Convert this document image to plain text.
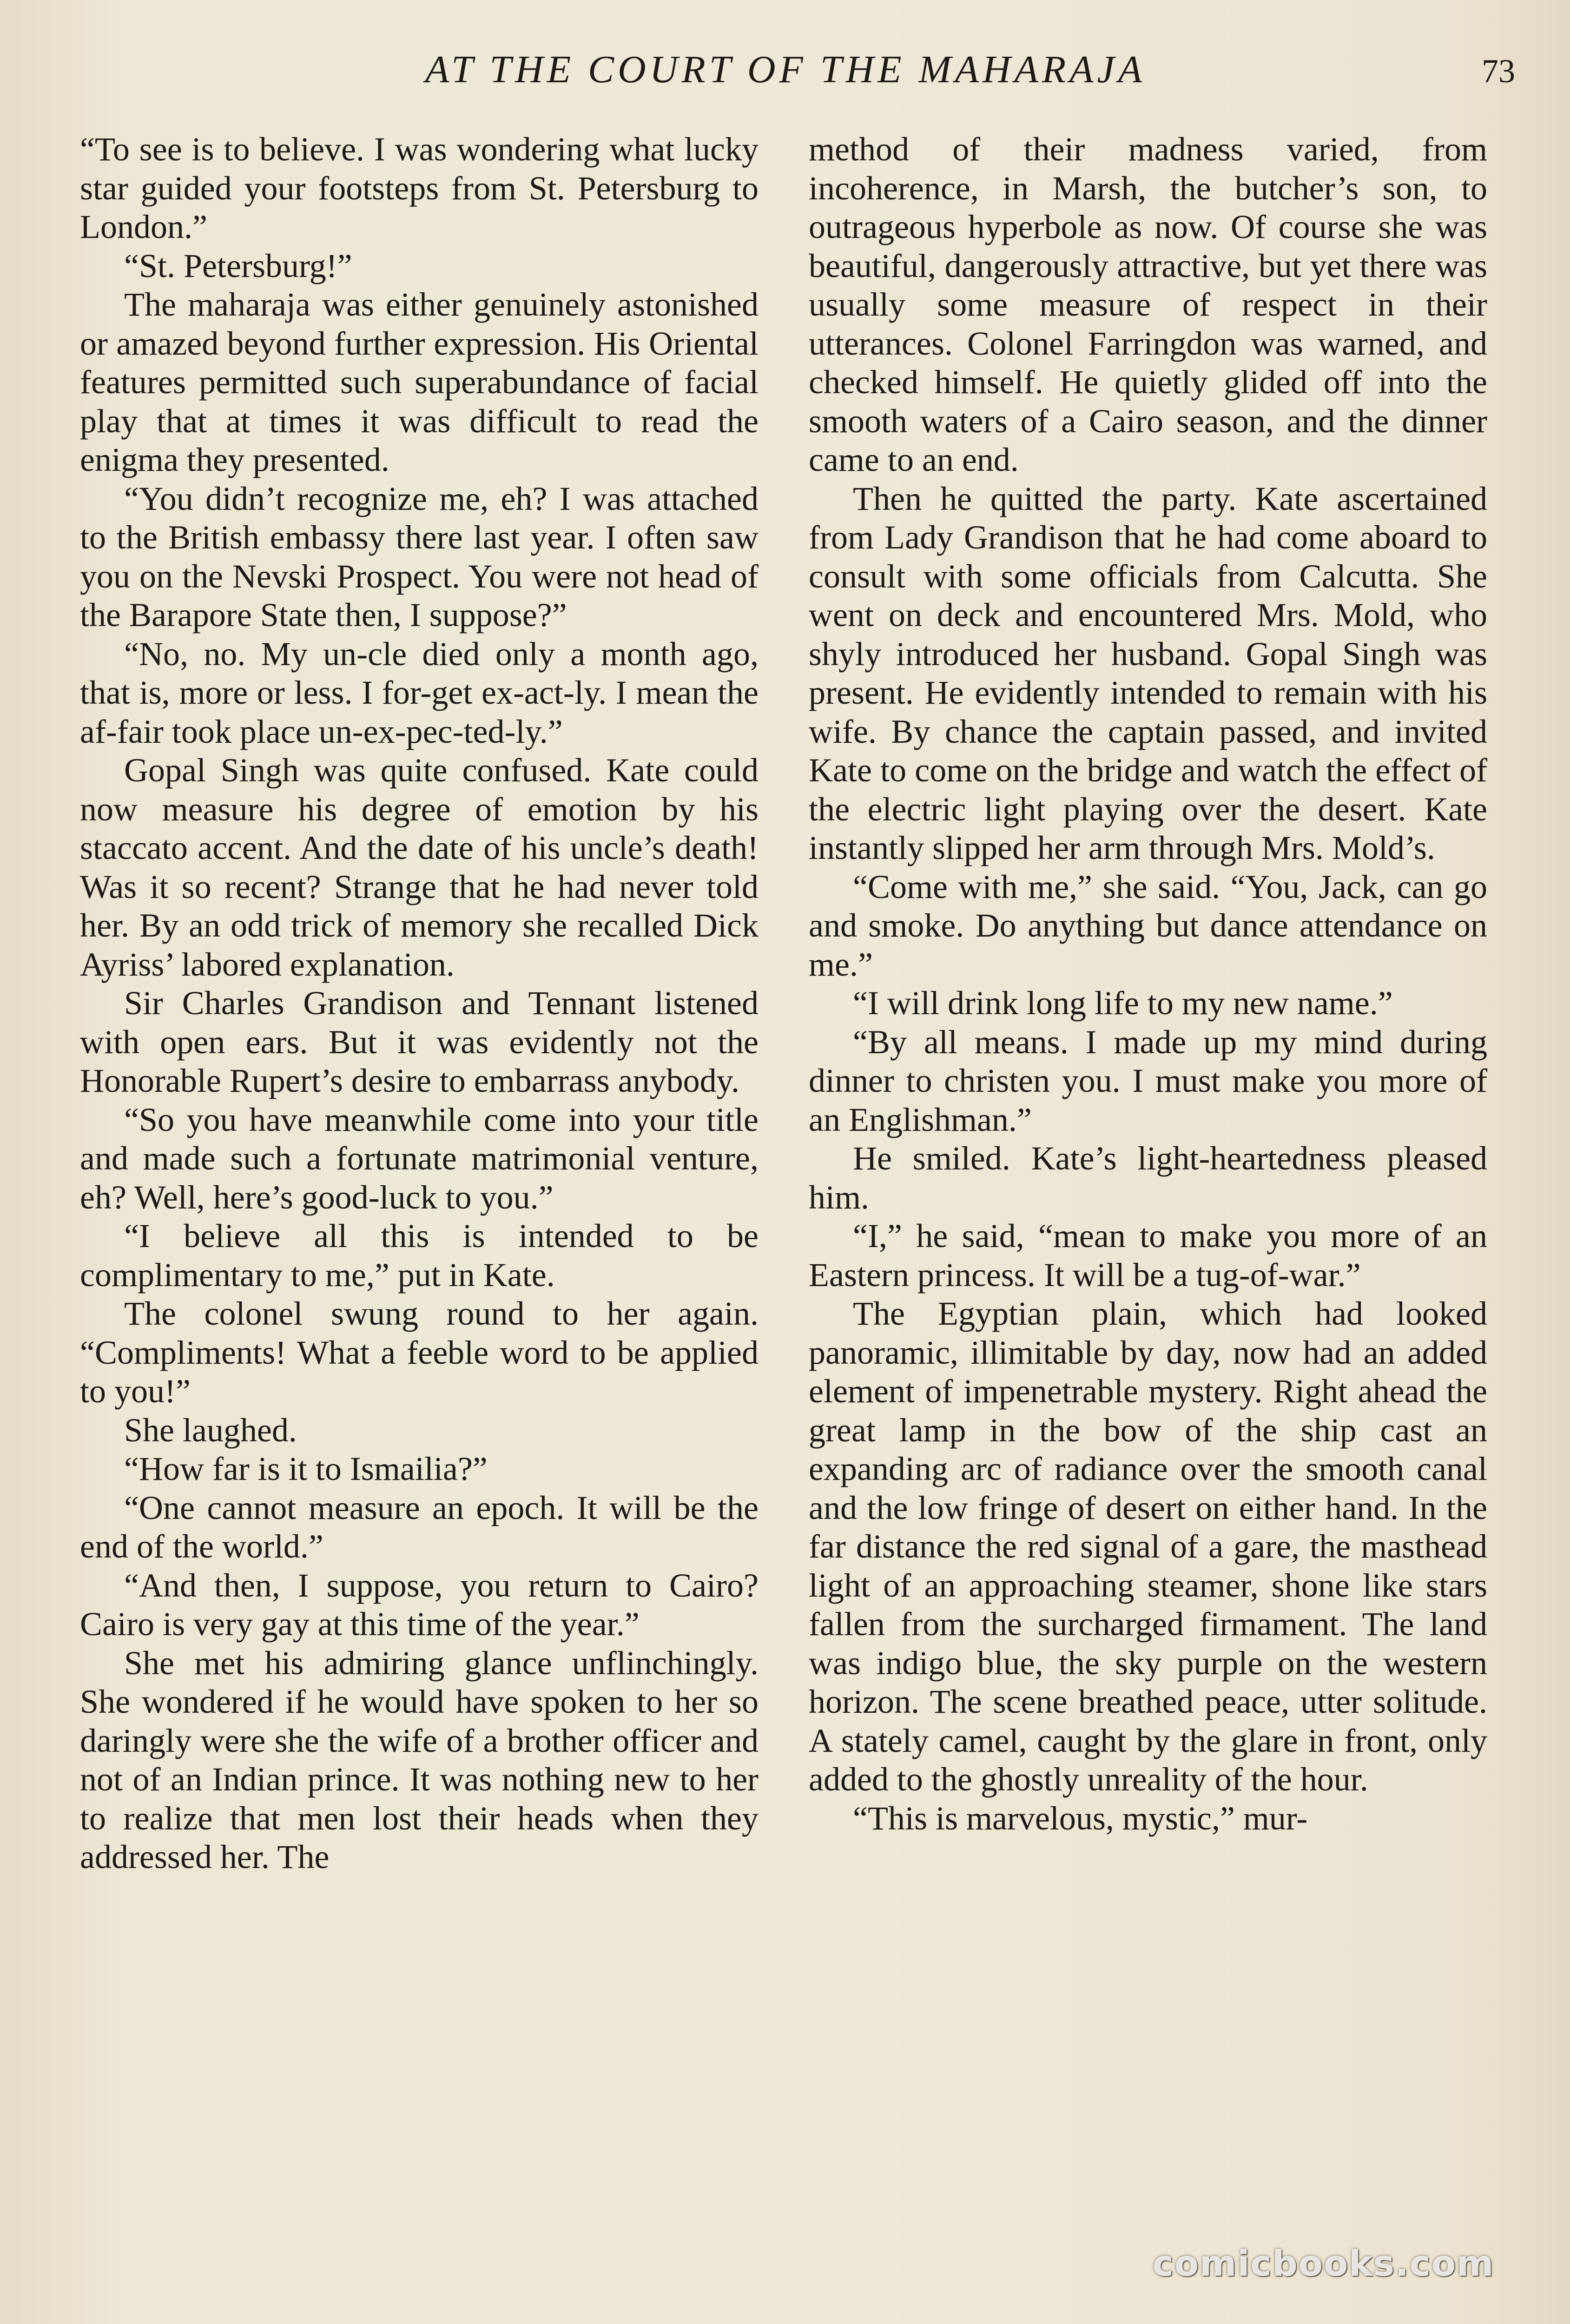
AT THE COURT OF THE MAHARAJA	73

“To see is to believe. I was wondering what lucky star guided your footsteps from St. Petersburg to London.”

“St. Petersburg!”

The maharaja was either genuinely astonished or amazed beyond further expression. His Oriental features permitted such superabundance of facial play that at times it was difficult to read the enigma they presented.

“You didn’t recognize me, eh? I was attached to the British embassy there last year. I often saw you on the Nevski Prospect. You were not head of the Barapore State then, I suppose?”

“No, no. My un-cle died only a month ago, that is, more or less. I for-get ex-act-ly. I mean the af-fair took place un-ex-pec-ted-ly.”

Gopal Singh was quite confused. Kate could now measure his degree of emotion by his staccato accent. And the date of his uncle’s death! Was it so recent? Strange that he had never told her. By an odd trick of memory she recalled Dick Ayriss’ labored explanation.

Sir Charles Grandison and Tennant listened with open ears. But it was evidently not the Honorable Rupert’s desire to embarrass anybody.

“So you have meanwhile come into your title and made such a fortunate matrimonial venture, eh? Well, here’s good-luck to you.”

“I believe all this is intended to be complimentary to me,” put in Kate.

The colonel swung round to her again. “Compliments! What a feeble word to be applied to you!”

She laughed.

“How far is it to Ismailia?”

“One cannot measure an epoch. It will be the end of the world.”

“And then, I suppose, you return to Cairo? Cairo is very gay at this time of the year.”

She met his admiring glance unflinchingly. She wondered if he would have spoken to her so daringly were she the wife of a brother officer and not of an Indian prince. It was nothing new to her to realize that men lost their heads when they addressed her. The

method of their madness varied, from incoherence, in Marsh, the butcher’s son, to outrageous hyperbole as now. Of course she was beautiful, dangerously attractive, but yet there was usually some measure of respect in their utterances. Colonel Farringdon was warned, and checked himself. He quietly glided off into the smooth waters of a Cairo season, and the dinner came to an end.

Then he quitted the party. Kate ascertained from Lady Grandison that he had come aboard to consult with some officials from Calcutta. She went on deck and encountered Mrs. Mold, who shyly introduced her husband. Gopal Singh was present. He evidently intended to remain with his wife. By chance the captain passed, and invited Kate to come on the bridge and watch the effect of the electric light playing over the desert. Kate instantly slipped her arm through Mrs. Mold’s.

“Come with me,” she said. “You, Jack, can go and smoke. Do anything but dance attendance on me.”

“I will drink long life to my new name.”

“By all means. I made up my mind during dinner to christen you. I must make you more of an Englishman.”

He smiled. Kate’s light-heartedness pleased him.

“I,” he said, “mean to make you more of an Eastern princess. It will be a tug-of-war.”

The Egyptian plain, which had looked panoramic, illimitable by day, now had an added element of impenetrable mystery. Right ahead the great lamp in the bow of the ship cast an expanding arc of radiance over the smooth canal and the low fringe of desert on either hand. In the far distance the red signal of a gare, the masthead light of an approaching steamer, shone like stars fallen from the surcharged firmament. The land was indigo blue, the sky purple on the western horizon. The scene breathed peace, utter solitude. A stately camel, caught by the glare in front, only added to the ghostly unreality of the hour.

“This is marvelous, mystic,” mur-

comicbooks.com
